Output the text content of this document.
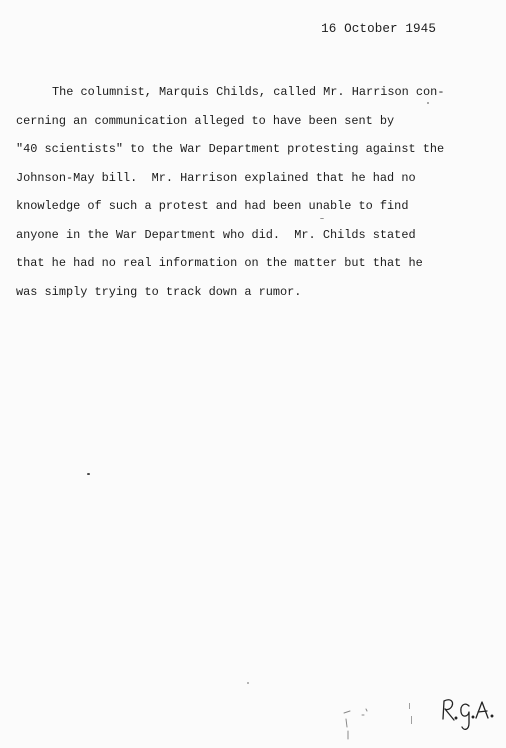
16 October 1945
The columnist, Marquis Childs, called Mr. Harrison con-
cerning an communication alleged to have been sent by
"40 scientists" to the War Department protesting against the
Johnson-May bill.  Mr. Harrison explained that he had no
knowledge of such a protest and had been unable to find
anyone in the War Department who did.  Mr. Childs stated
that he had no real information on the matter but that he
was simply trying to track down a rumor.
